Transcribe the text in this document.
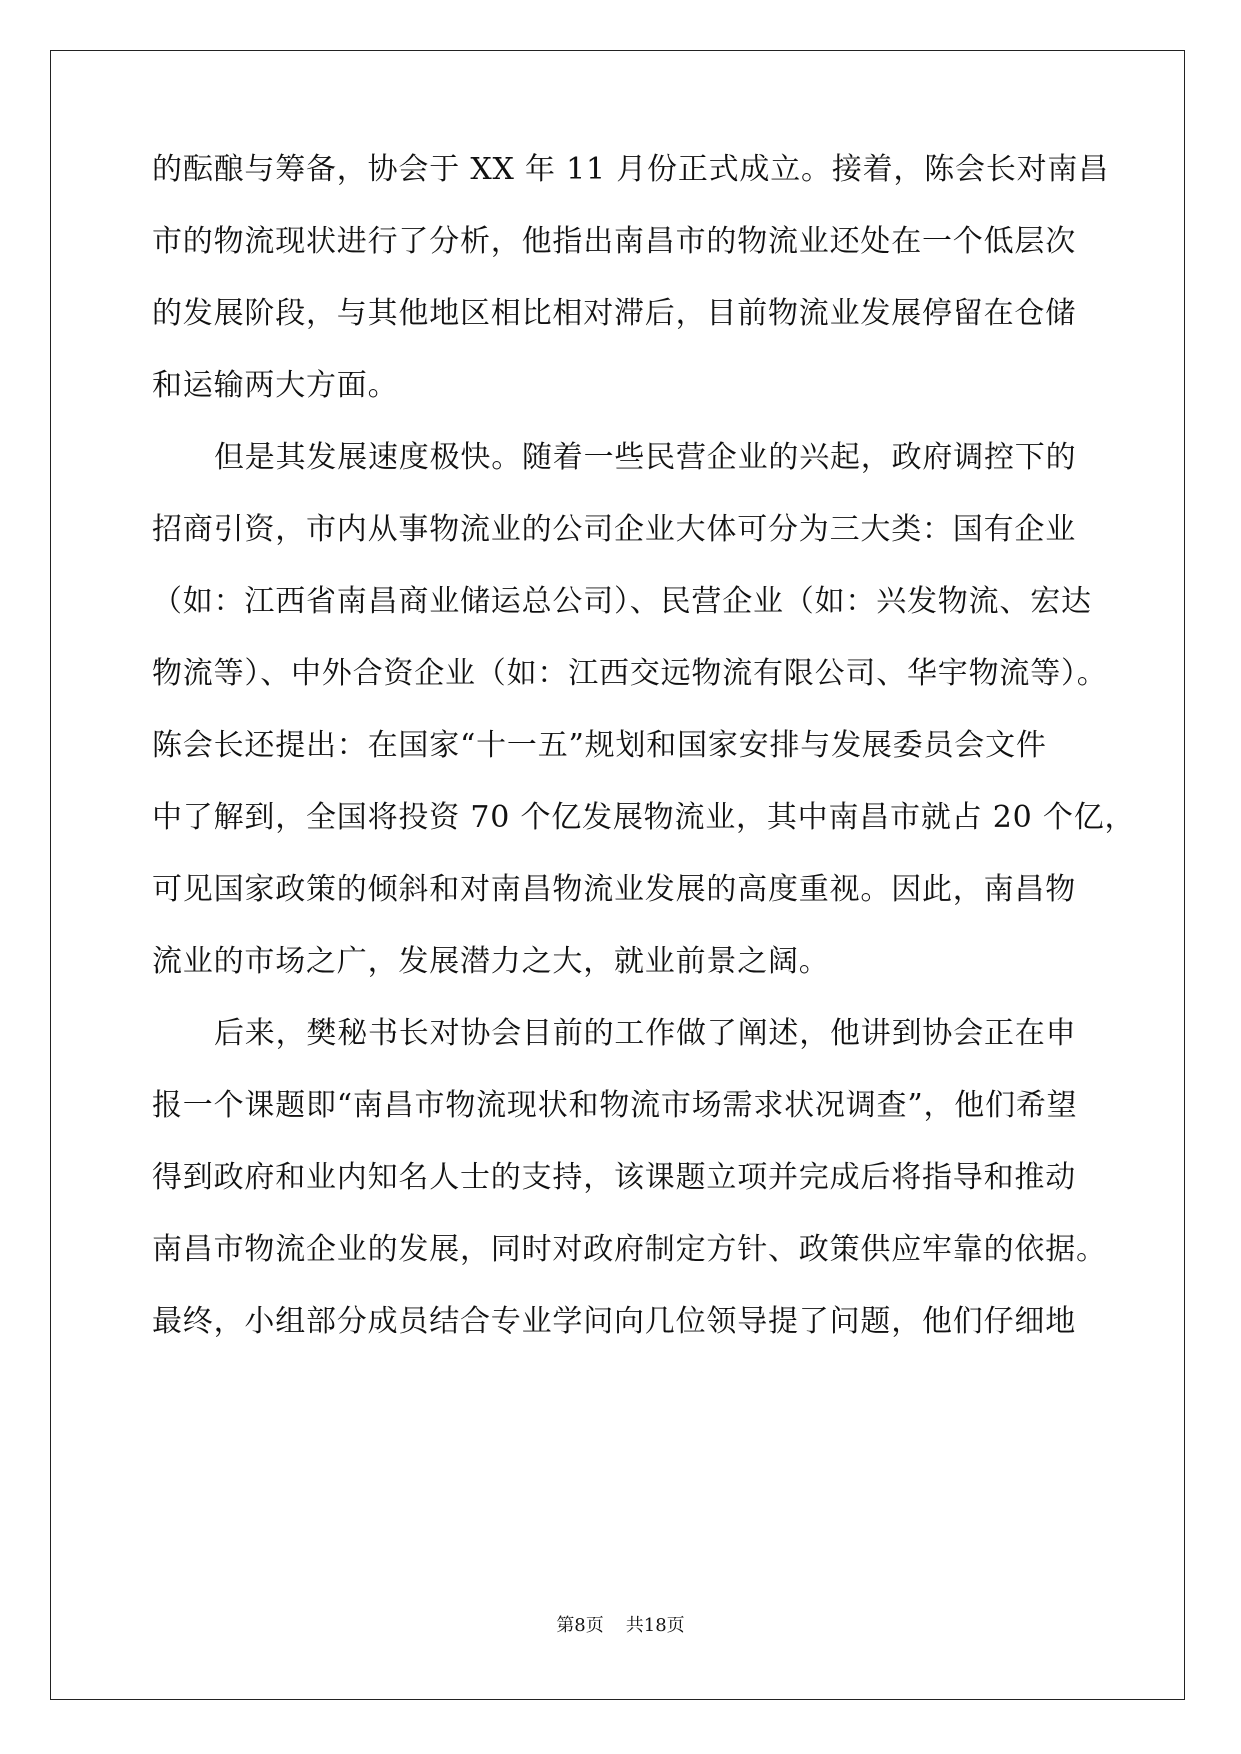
的酝酿与筹备，协会于 XX 年 11 月份正式成立。接着，陈会长对南昌
市的物流现状进行了分析，他指出南昌市的物流业还处在一个低层次
的发展阶段，与其他地区相比相对滞后，目前物流业发展停留在仓储
和运输两大方面。
但是其发展速度极快。随着一些民营企业的兴起，政府调控下的
招商引资，市内从事物流业的公司企业大体可分为三大类：国有企业
（如：江西省南昌商业储运总公司）、民营企业（如：兴发物流、宏达
物流等）、中外合资企业（如：江西交远物流有限公司、华宇物流等）。
陈会长还提出：在国家“十一五”规划和国家安排与发展委员会文件
中了解到，全国将投资 70 个亿发展物流业，其中南昌市就占 20 个亿，
可见国家政策的倾斜和对南昌物流业发展的高度重视。因此，南昌物
流业的市场之广，发展潜力之大，就业前景之阔。
后来，樊秘书长对协会目前的工作做了阐述，他讲到协会正在申
报一个课题即“南昌市物流现状和物流市场需求状况调查”，他们希望
得到政府和业内知名人士的支持，该课题立项并完成后将指导和推动
南昌市物流企业的发展，同时对政府制定方针、政策供应牢靠的依据。
最终，小组部分成员结合专业学问向几位领导提了问题，他们仔细地
第8页 共18页
